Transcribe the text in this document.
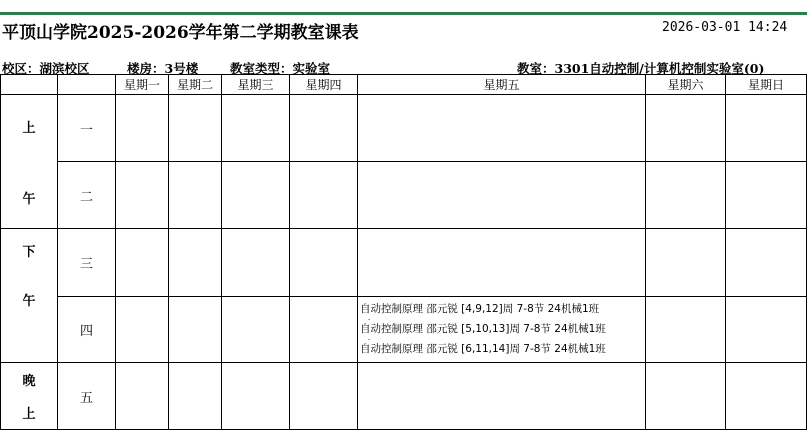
平顶山学院2025-2026学年第二学期教室课表	2026-03-01 14:24
校区：湖滨校区	楼房：3号楼	教室类型：实验室	教室：3301自动控制/计算机控制实验室(0)
		星期一	星期二	星期三	星期四	星期五	星期六	星期日

上
午	一							
	二							

下
午	三							
	四					自动控制原理 邵元锐 [4,9,12]周 7-8节 24机械1班
-
自动控制原理 邵元锐 [5,10,13]周 7-8节 24机械1班
-
自动控制原理 邵元锐 [6,11,14]周 7-8节 24机械1班		

晚
上	五							
